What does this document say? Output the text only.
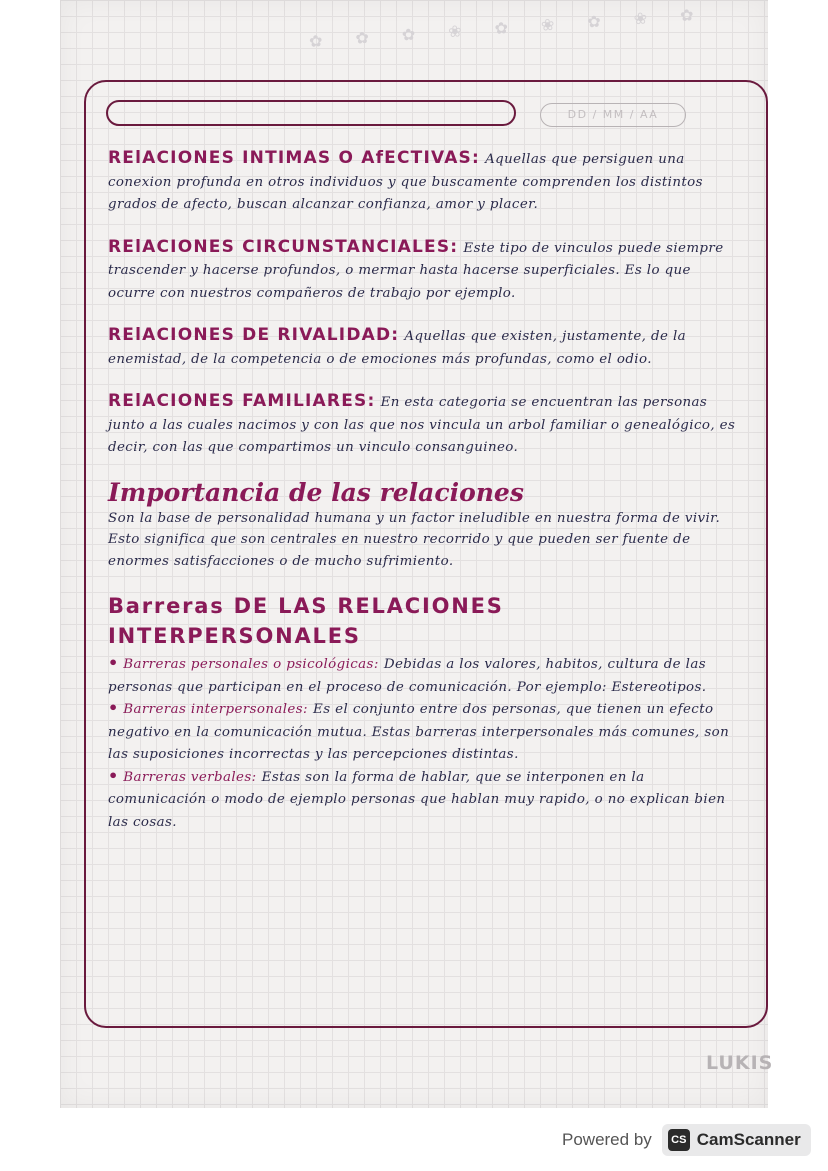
✿ ✿ ✿ ❀ ✿ ❀ ✿ ❀ ✿
DD / MM / AA
RElACIONES INTIMAS O AfECTIVAS: Aquellas que persiguen una conexion profunda en otros individuos y que buscamente comprenden los distintos grados de afecto, buscan alcanzar confianza, amor y placer.
RElACIONES CIRCUNSTANCIALES: Este tipo de vinculos puede siempre trascender y hacerse profundos, o mermar hasta hacerse superficiales. Es lo que ocurre con nuestros compañeros de trabajo por ejemplo.
RElACIONES DE RIVALIDAD: Aquellas que existen, justamente, de la enemistad, de la competencia o de emociones más profundas, como el odio.
RElACIONES FAMILIARES: En esta categoria se encuentran las personas junto a las cuales nacimos y con las que nos vincula un arbol familiar o genealógico, es decir, con las que compartimos un vinculo consanguineo.
Importancia de las relaciones
Son la base de personalidad humana y un factor ineludible en nuestra forma de vivir. Esto significa que son centrales en nuestro recorrido y que pueden ser fuente de enormes satisfacciones o de mucho sufrimiento.
Barreras DE LAS RELACIONES INTERPERSONALES
• Barreras personales o psicológicas: Debidas a los valores, habitos, cultura de las personas que participan en el proceso de comunicación. Por ejemplo: Estereotipos.
• Barreras interpersonales: Es el conjunto entre dos personas, que tienen un efecto negativo en la comunicación mutua. Estas barreras interpersonales más comunes, son las suposiciones incorrectas y las percepciones distintas.
• Barreras verbales: Estas son la forma de hablar, que se interponen en la comunicación o modo de ejemplo personas que hablan muy rapido, o no explican bien las cosas.
LUKIS
Powered by	CS CamScanner
